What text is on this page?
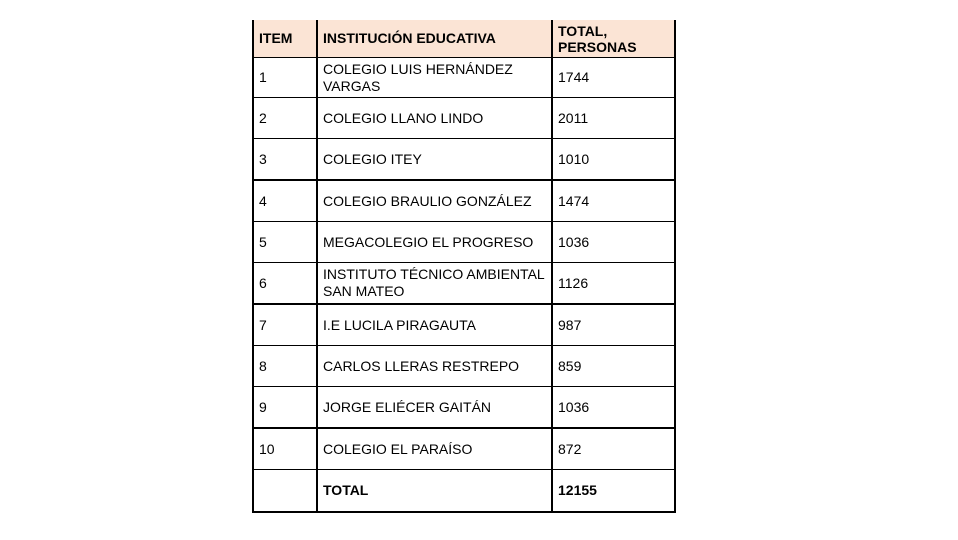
ITEM	INSTITUCIÓN EDUCATIVA	TOTAL,
PERSONAS
1	COLEGIO LUIS HERNÁNDEZ VARGAS	1744
2	COLEGIO LLANO LINDO	2011
3	COLEGIO ITEY	1010
4	COLEGIO BRAULIO GONZÁLEZ	1474
5	MEGACOLEGIO EL PROGRESO	1036
6	INSTITUTO TÉCNICO AMBIENTAL SAN MATEO	1126
7	I.E LUCILA PIRAGAUTA	987
8	CARLOS LLERAS RESTREPO	859
9	JORGE ELIÉCER GAITÁN	1036
10	COLEGIO EL PARAÍSO	872
	TOTAL	12155
